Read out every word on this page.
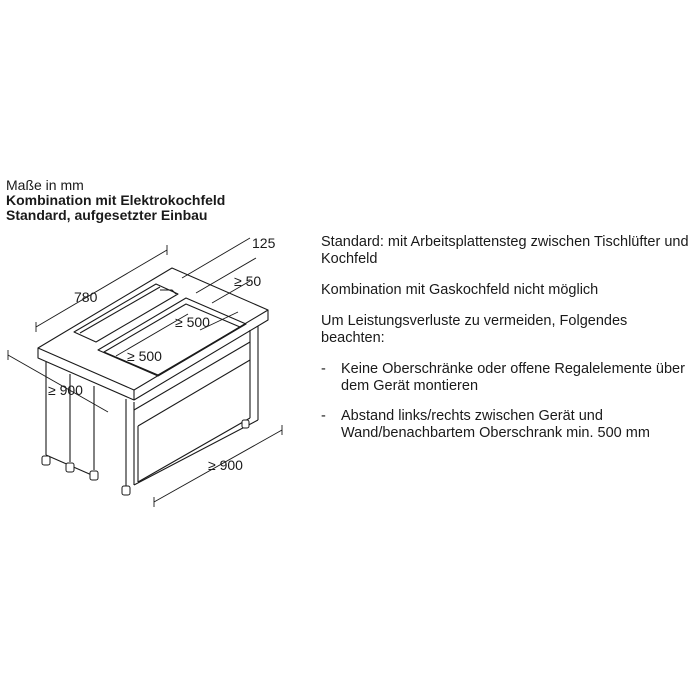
Maße in mm
Kombination mit Elektrokochfeld
Standard, aufgesetzter Einbau
125
≥ 50
780
≥ 500
≥ 500
≥ 900
≥ 900

Standard: mit Arbeitsplattensteg zwischen Tischlüfter und Kochfeld

Kombination mit Gaskochfeld nicht möglich

Um Leistungsverluste zu vermeiden, Folgendes beachten:

- Keine Oberschränke oder offene Regalelemente über dem Gerät montieren
- Abstand links/rechts zwischen Gerät und Wand/benachbartem Oberschrank min. 500 mm
